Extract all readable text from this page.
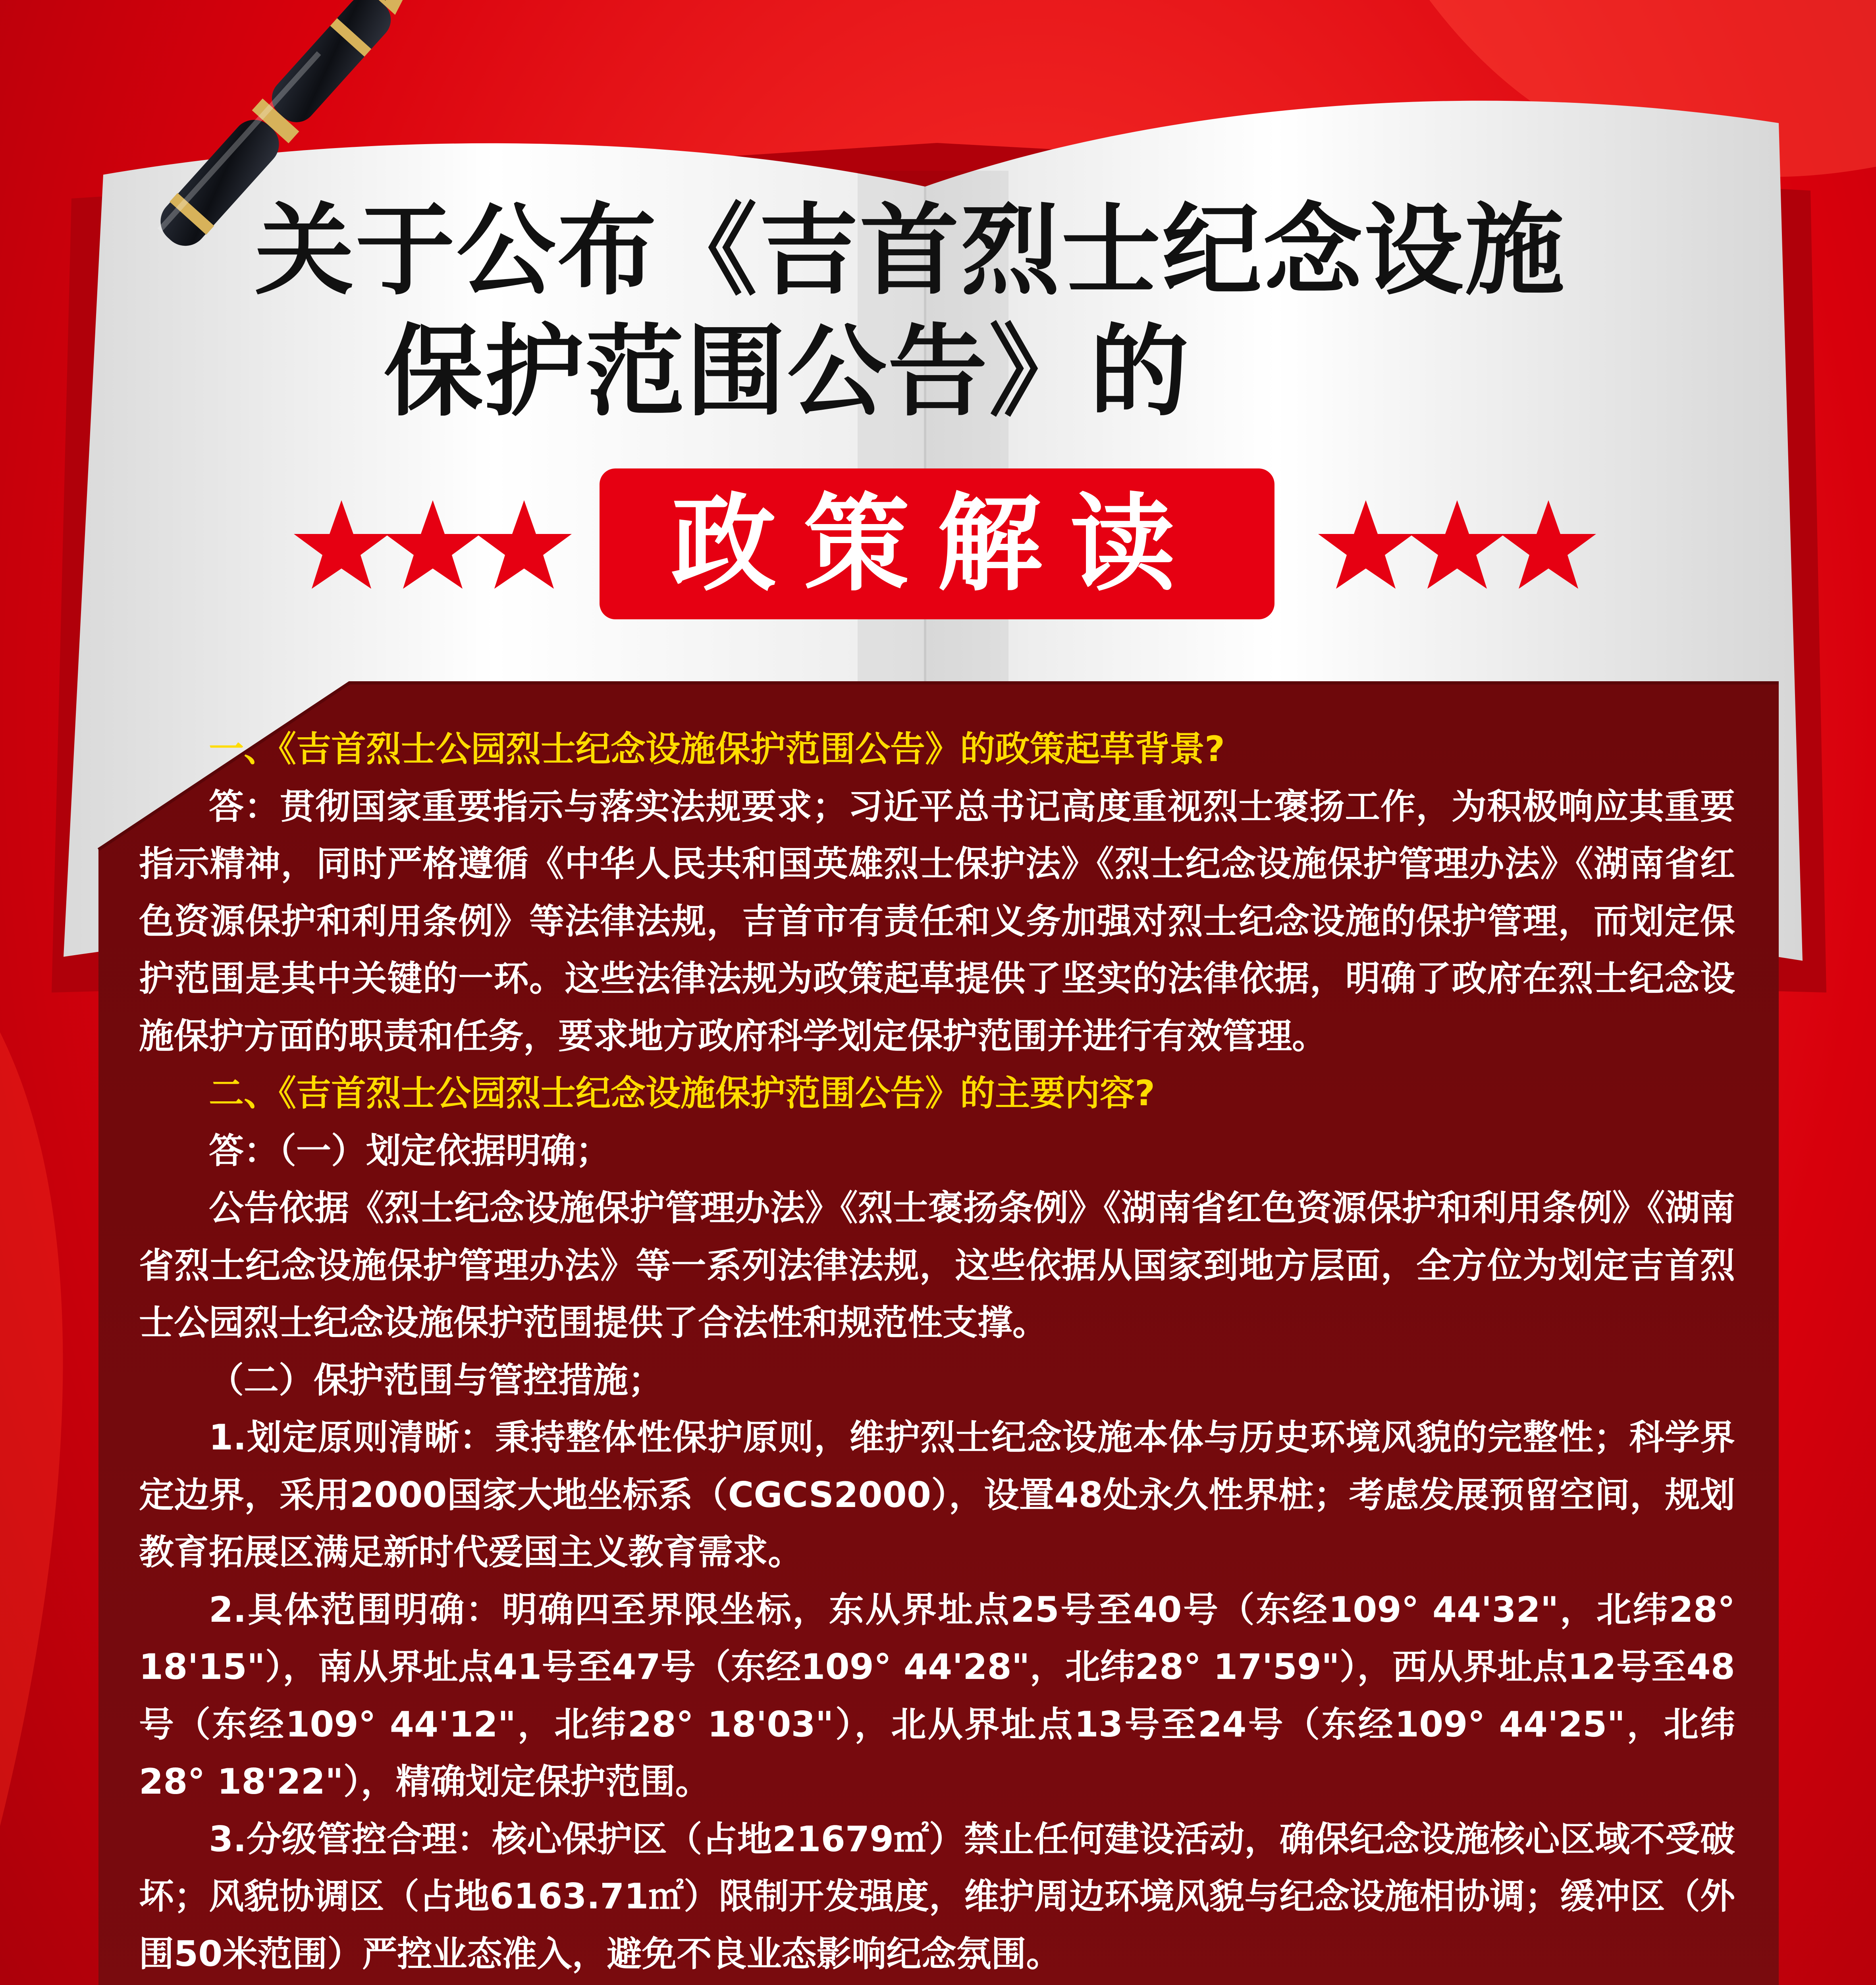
关于公布《吉首烈士纪念设施
保护范围公告》的
政策解读

一、《吉首烈士公园烈士纪念设施保护范围公告》的政策起草背景?

答：贯彻国家重要指示与落实法规要求；习近平总书记高度重视烈士褒扬工作，为积极响应其重要指示精神，同时严格遵循《中华人民共和国英雄烈士保护法》《烈士纪念设施保护管理办法》《湖南省红色资源保护和利用条例》等法律法规，吉首市有责任和义务加强对烈士纪念设施的保护管理，而划定保护范围是其中关键的一环。这些法律法规为政策起草提供了坚实的法律依据，明确了政府在烈士纪念设施保护方面的职责和任务，要求地方政府科学划定保护范围并进行有效管理。

二、《吉首烈士公园烈士纪念设施保护范围公告》的主要内容?

答：（一）划定依据明确；

公告依据《烈士纪念设施保护管理办法》《烈士褒扬条例》《湖南省红色资源保护和利用条例》《湖南省烈士纪念设施保护管理办法》等一系列法律法规，这些依据从国家到地方层面，全方位为划定吉首烈士公园烈士纪念设施保护范围提供了合法性和规范性支撑。

（二）保护范围与管控措施；

1.划定原则清晰：秉持整体性保护原则，维护烈士纪念设施本体与历史环境风貌的完整性；科学界定边界，采用2000国家大地坐标系（CGCS2000），设置48处永久性界桩；考虑发展预留空间，规划教育拓展区满足新时代爱国主义教育需求。

2.具体范围明确：明确四至界限坐标，东从界址点25号至40号（东经109° 44'32"，北纬28° 18'15"），南从界址点41号至47号（东经109° 44'28"，北纬28° 17'59"），西从界址点12号至48号（东经109° 44'12"，北纬28° 18'03"），北从界址点13号至24号（东经109° 44'25"，北纬28° 18'22"），精确划定保护范围。

3.分级管控合理：核心保护区（占地21679㎡）禁止任何建设活动，确保纪念设施核心区域不受破坏；风貌协调区（占地6163.71㎡）限制开发强度，维护周边环境风貌与纪念设施相协调；缓冲区（外围50米范围）严控业态准入，避免不良业态影响纪念氛围。
